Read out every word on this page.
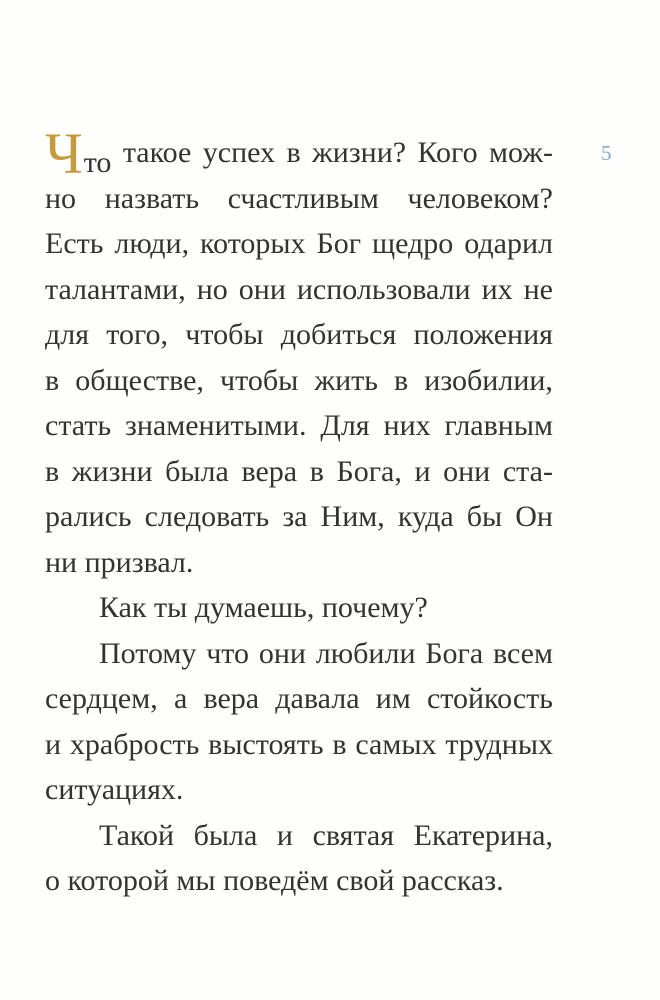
5
Что такое успех в жизни? Кого мож-
но назвать счастливым человеком?
Есть люди, которых Бог щедро одарил
талантами, но они использовали их не
для того, чтобы добиться положения
в обществе, чтобы жить в изобилии,
стать знаменитыми. Для них главным
в жизни была вера в Бога, и они ста-
рались следовать за Ним, куда бы Он
ни призвал.
Как ты думаешь, почему?
Потому что они любили Бога всем
сердцем, а вера давала им стойкость
и храбрость выстоять в самых трудных
ситуациях.
Такой была и святая Екатерина,
о которой мы поведём свой рассказ.
